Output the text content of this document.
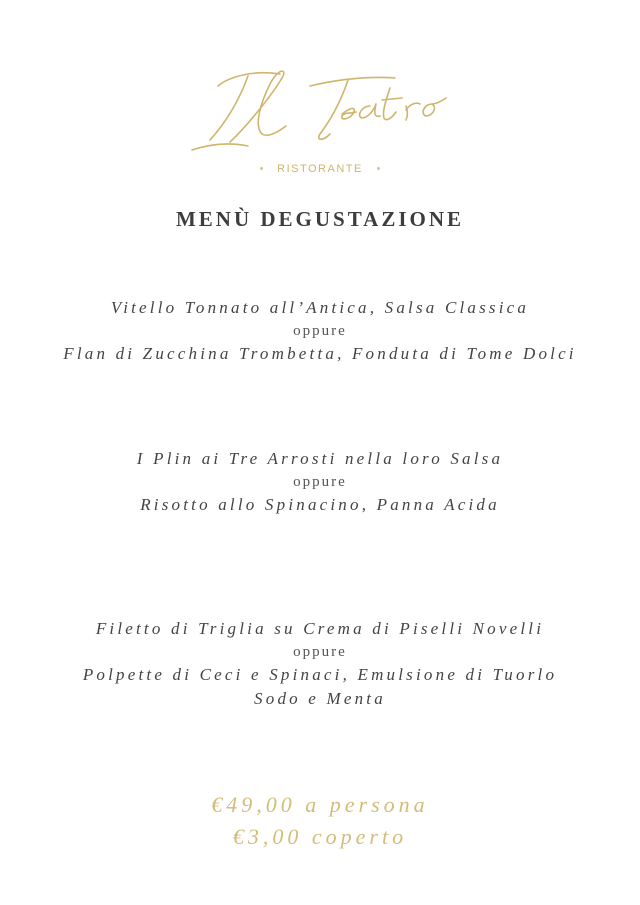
RISTORANTE
MENÙ DEGUSTAZIONE
Vitello Tonnato all’Antica, Salsa Classica
oppure
Flan di Zucchina Trombetta, Fonduta di Tome Dolci
I Plin ai Tre Arrosti nella loro Salsa
oppure
Risotto allo Spinacino, Panna Acida
Filetto di Triglia su Crema di Piselli Novelli
oppure
Polpette di Ceci e Spinaci, Emulsione di Tuorlo
Sodo e Menta
€49,00 a persona
€3,00 coperto
